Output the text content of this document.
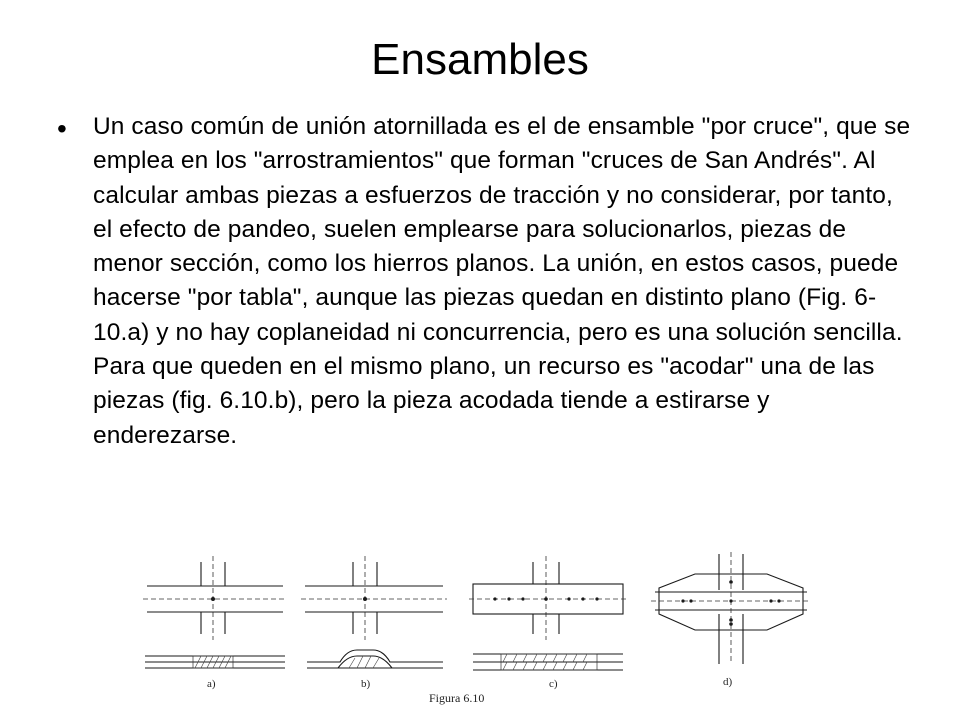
Ensambles
• Un caso común de unión atornillada es el de ensamble "por cruce", que se emplea en los "arrostramientos" que forman "cruces de San Andrés". Al calcular ambas piezas a esfuerzos de tracción y no considerar, por tanto, el efecto de pandeo, suelen emplearse para solucionarlos, piezas de menor sección, como los hierros planos. La unión, en estos casos, puede hacerse "por tabla", aunque las piezas quedan en distinto plano (Fig. 6-10.a) y no hay coplaneidad ni concurrencia, pero es una solución sencilla. Para que queden en el mismo plano, un recurso es "acodar" una de las piezas (fig. 6.10.b), pero la pieza acodada tiende a estirarse y enderezarse.
a)	b)	c)	d)
Figura 6.10
